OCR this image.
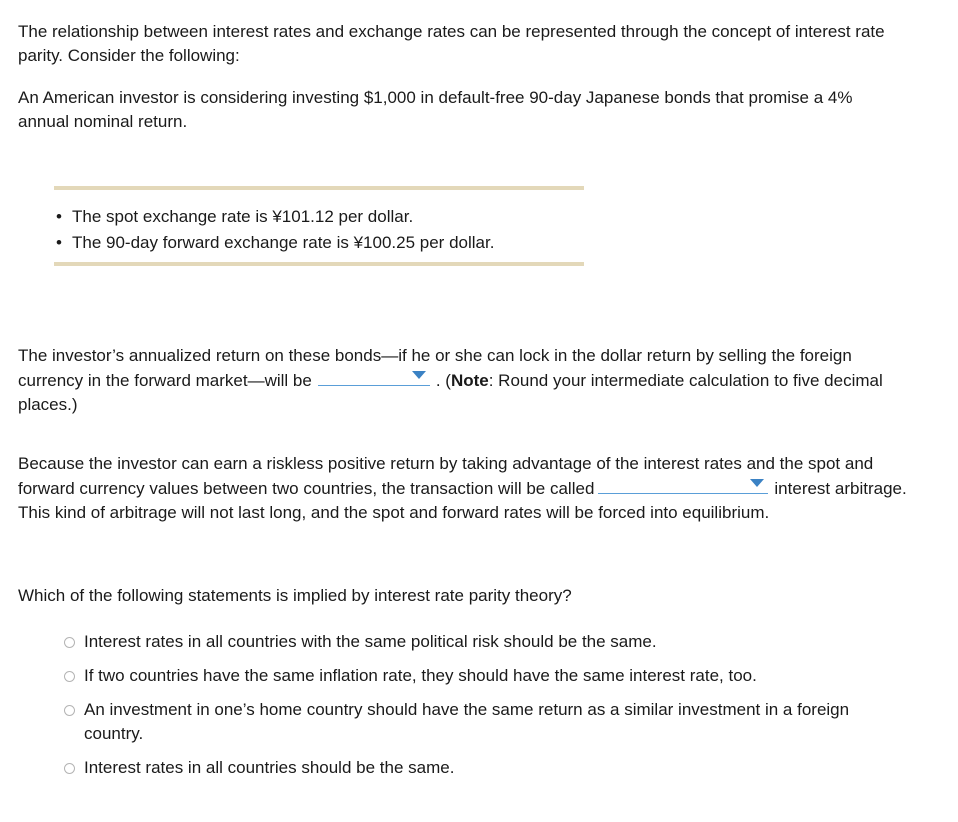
The relationship between interest rates and exchange rates can be represented through the concept of interest rate parity. Consider the following:

An American investor is considering investing $1,000 in default-free 90-day Japanese bonds that promise a 4% annual nominal return.

• The spot exchange rate is ¥101.12 per dollar.
• The 90-day forward exchange rate is ¥100.25 per dollar.

The investor’s annualized return on these bonds—if he or she can lock in the dollar return by selling the foreign currency in the forward market—will be	. (Note: Round your intermediate calculation to five decimal places.)

Because the investor can earn a riskless positive return by taking advantage of the interest rates and the spot and forward currency values between two countries, the transaction will be called	interest arbitrage. This kind of arbitrage will not last long, and the spot and forward rates will be forced into equilibrium.

Which of the following statements is implied by interest rate parity theory?

Interest rates in all countries with the same political risk should be the same.
If two countries have the same inflation rate, they should have the same interest rate, too.
An investment in one’s home country should have the same return as a similar investment in a foreign country.
Interest rates in all countries should be the same.
